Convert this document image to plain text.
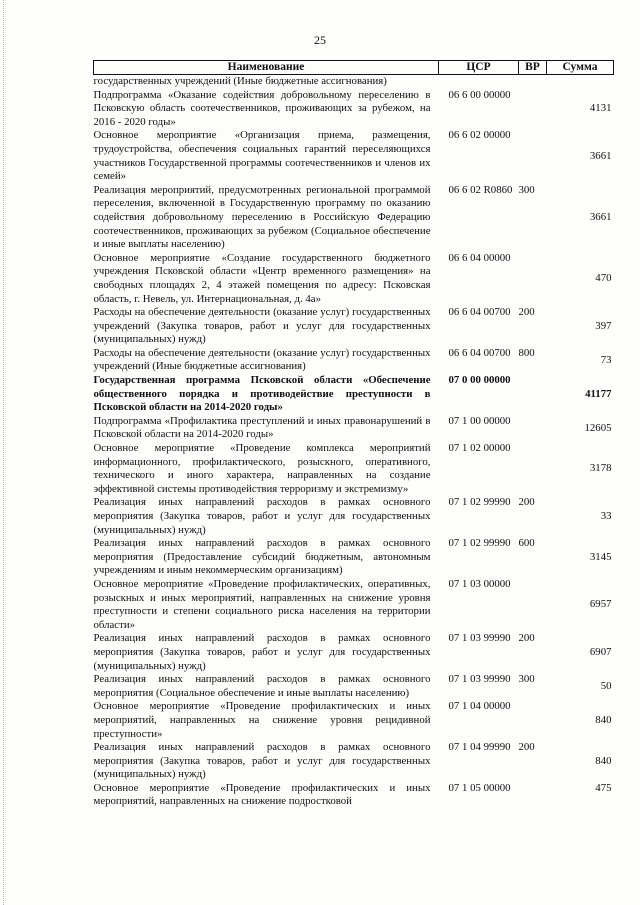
25
Наименование	ЦСР	ВР	Сумма
государственных учреждений (Иные бюджетные ассигнования)			
Подпрограмма «Оказание содействия добровольному переселению в Псковскую область соотечественников, проживающих за рубежом, на 2016 - 2020 годы»	06 6 00 00000		4131
Основное мероприятие «Организация приема, размещения, трудоустройства, обеспечения социальных гарантий переселяющихся участников Государственной программы соотечественников и членов их семей»	06 6 02 00000		3661
Реализация мероприятий, предусмотренных региональной программой переселения, включенной в Государственную программу по оказанию содействия добровольному переселению в Российскую Федерацию соотечественников, проживающих за рубежом (Социальное обеспечение и иные выплаты населению)	06 6 02 R0860	300	3661
Основное мероприятие «Создание государственного бюджетного учреждения Псковской области «Центр временного размещения» на свободных площадях 2, 4 этажей помещения по адресу: Псковская область, г. Невель, ул. Интернациональная, д. 4а»	06 6 04 00000		470
Расходы на обеспечение деятельности (оказание услуг) государственных учреждений (Закупка товаров, работ и услуг для государственных (муниципальных) нужд)	06 6 04 00700	200	397
Расходы на обеспечение деятельности (оказание услуг) государственных учреждений (Иные бюджетные ассигнования)	06 6 04 00700	800	73
Государственная программа Псковской области «Обеспечение общественного порядка и противодействие преступности в Псковской области на 2014-2020 годы»	07 0 00 00000		41177
Подпрограмма «Профилактика преступлений и иных правонарушений в Псковской области на 2014-2020 годы»	07 1 00 00000		12605
Основное мероприятие «Проведение комплекса мероприятий информационного, профилактического, розыскного, оперативного, технического и иного характера, направленных на создание эффективной системы противодействия терроризму и экстремизму»	07 1 02 00000		3178
Реализация иных направлений расходов в рамках основного мероприятия (Закупка товаров, работ и услуг для государственных (муниципальных) нужд)	07 1 02 99990	200	33
Реализация иных направлений расходов в рамках основного мероприятия (Предоставление субсидий бюджетным, автономным учреждениям и иным некоммерческим организациям)	07 1 02 99990	600	3145
Основное мероприятие «Проведение профилактических, оперативных, розыскных и иных мероприятий, направленных на снижение уровня преступности и степени социального риска населения на территории области»	07 1 03 00000		6957
Реализация иных направлений расходов в рамках основного мероприятия (Закупка товаров, работ и услуг для государственных (муниципальных) нужд)	07 1 03 99990	200	6907
Реализация иных направлений расходов в рамках основного мероприятия (Социальное обеспечение и иные выплаты населению)	07 1 03 99990	300	50
Основное мероприятие «Проведение профилактических и иных мероприятий, направленных на снижение уровня рецидивной преступности»	07 1 04 00000		840
Реализация иных направлений расходов в рамках основного мероприятия (Закупка товаров, работ и услуг для государственных (муниципальных) нужд)	07 1 04 99990	200	840
Основное мероприятие «Проведение профилактических и иных мероприятий, направленных на снижение подростковой	07 1 05 00000		475
